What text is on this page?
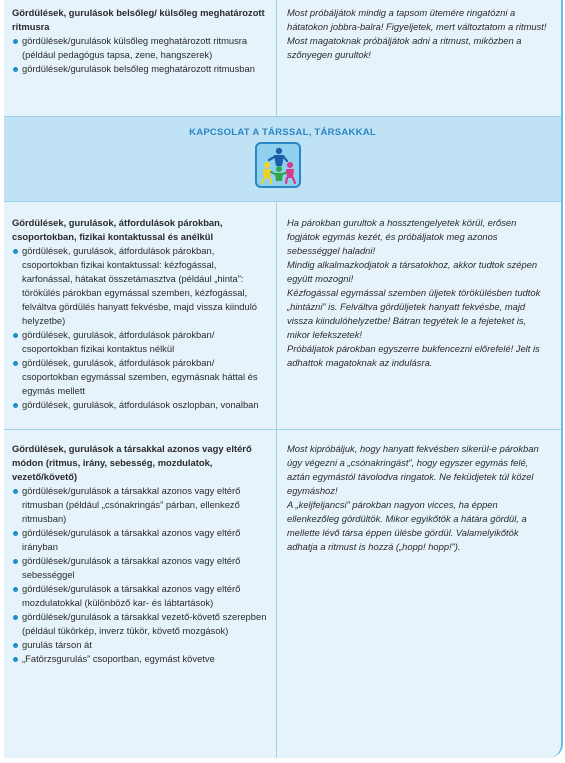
Gördülések, gurulások belsőleg/ külsőleg meghatározott ritmusra
gördülések/gurulások külsőleg meghatározott ritmusra (például pedagógus tapsa, zene, hangszerek)
gördülések/gurulások belsőleg meghatározott ritmusban
Most próbáljátok mindig a tapsom ütemére ringatózni a hátatokon jobbra-balra! Figyeljetek, mert változtatom a ritmust!
Most magatoknak próbáljátok adni a ritmust, miközben a szőnyegen gurultok!
KAPCSOLAT A TÁRSSAL, TÁRSAKKAL
Gördülések, gurulások, átfordulások párokban, csoportokban, fizikai kontaktussal és anélkül
gördülések, gurulások, átfordulások párokban, csoportokban fizikai kontaktussal: kézfogással, karfonással, hátakat összetámasztva (például „hinta”: törökülés párokban egymással szemben, kézfogással, felváltva gördülés hanyatt fekvésbe, majd vissza kiinduló helyzetbe)
gördülések, gurulások, átfordulások párokban/ csoportokban fizikai kontaktus nélkül
gördülések, gurulások, átfordulások párokban/ csoportokban egymással szemben, egymásnak háttal és egymás mellett
gördülések, gurulások, átfordulások oszlopban, vonalban
Ha párokban gurultok a hossztengelyetek körül, erősen fogjátok egymás kezét, és próbáljatok meg azonos sebességgel haladni!
Mindig alkalmazkodjatok a társatokhoz, akkor tudtok szépen együtt mozogni!
Kézfogással egymással szemben üljetek törökülésben tudtok „hintázni” is. Felváltva gördüljetek hanyatt fekvésbe, majd vissza kiindulóhelyzetbe! Bátran tegyétek le a fejeteket is, mikor lefekszetek!
Próbáljatok párokban egyszerre bukfencezni előrefelé! Jelt is adhattok magatoknak az indulásra.
Gördülések, gurulások a társakkal azonos vagy eltérő módon (ritmus, irány, sebesség, mozdulatok, vezető/követő)
gördülések/gurulások a társakkal azonos vagy eltérő ritmusban (például „csónakringás” párban, ellenkező ritmusban)
gördülések/gurulások a társakkal azonos vagy eltérő irányban
gördülések/gurulások a társakkal azonos vagy eltérő sebességgel
gördülések/gurulások a társakkal azonos vagy eltérő mozdulatokkal (különböző kar- és lábtartások)
gördülések/gurulások a társakkal vezető-követő szerepben (például tükörkép, inverz tükör, követő mozgások)
gurulás társon át
„Fatörzsgurulás” csoportban, egymást követve
Most kipróbáljuk, hogy hanyatt fekvésben sikerül-e párokban úgy végezni a „csónakringást”, hogy egyszer egymás felé, aztán egymástól távolodva ringatok. Ne feküdjetek túl közel egymáshoz!
A „keljfeljancsi” párokban nagyon vicces, ha éppen ellenkezőleg gördültök. Mikor egyikőtök a hátára gördül, a mellette lévő társa éppen ülésbe gördül. Valamelyikőtök adhatja a ritmust is hozzá („hopp! hopp!”).
